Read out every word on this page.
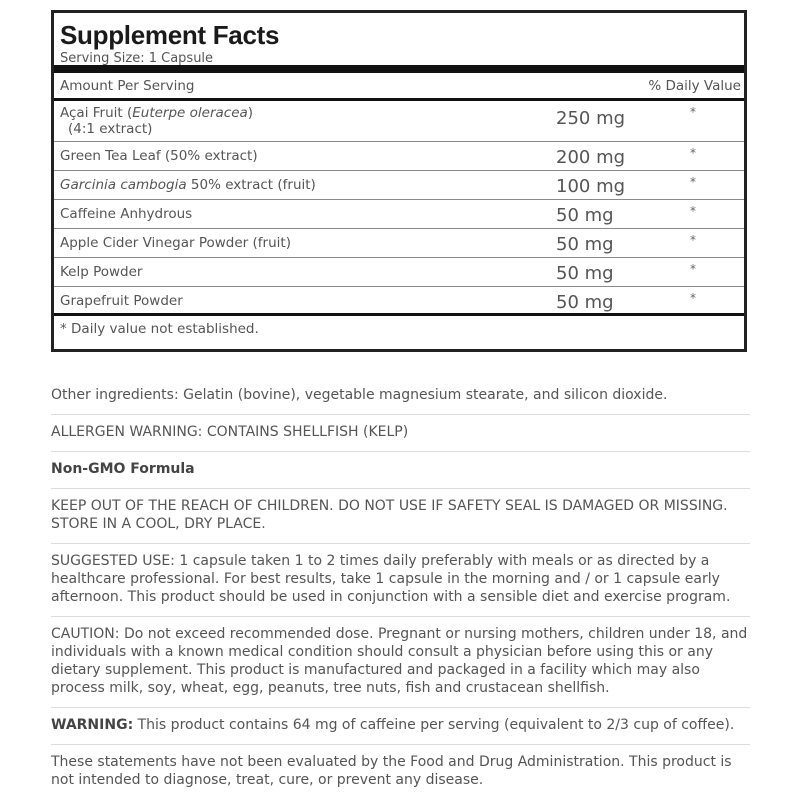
Supplement Facts
Serving Size: 1 Capsule
Amount Per Serving	% Daily Value
Açai Fruit (Euterpe oleracea)
(4:1 extract)	250 mg	*
Green Tea Leaf (50% extract)	200 mg	*
Garcinia cambogia 50% extract (fruit)	100 mg	*
Caffeine Anhydrous	50 mg	*
Apple Cider Vinegar Powder (fruit)	50 mg	*
Kelp Powder	50 mg	*
Grapefruit Powder	50 mg	*
* Daily value not established.

Other ingredients: Gelatin (bovine), vegetable magnesium stearate, and silicon dioxide.

ALLERGEN WARNING: CONTAINS SHELLFISH (KELP)

Non-GMO Formula

KEEP OUT OF THE REACH OF CHILDREN. DO NOT USE IF SAFETY SEAL IS DAMAGED OR MISSING. STORE IN A COOL, DRY PLACE.

SUGGESTED USE: 1 capsule taken 1 to 2 times daily preferably with meals or as directed by a healthcare professional. For best results, take 1 capsule in the morning and / or 1 capsule early afternoon. This product should be used in conjunction with a sensible diet and exercise program.

CAUTION: Do not exceed recommended dose. Pregnant or nursing mothers, children under 18, and individuals with a known medical condition should consult a physician before using this or any dietary supplement. This product is manufactured and packaged in a facility which may also process milk, soy, wheat, egg, peanuts, tree nuts, fish and crustacean shellfish.

WARNING: This product contains 64 mg of caffeine per serving (equivalent to 2/3 cup of coffee).

These statements have not been evaluated by the Food and Drug Administration. This product is not intended to diagnose, treat, cure, or prevent any disease.
